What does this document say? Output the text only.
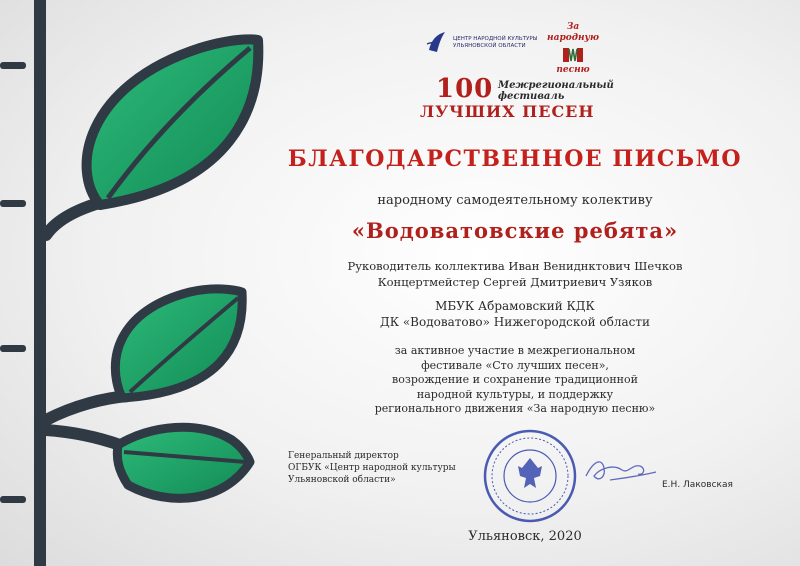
ЦЕНТР НАРОДНОЙ КУЛЬТУРЫ УЛЬЯНОВСКОЙ ОБЛАСТИ
За народную
песню
100 Межрегиональный
фестиваль
ЛУЧШИХ ПЕСЕН
БЛАГОДАРСТВЕННОЕ ПИСЬМО
народному самодеятельному колективу
«Водоватовские ребята»
Руководитель коллектива Иван Вениднктович Шечков
Концертмейстер Сергей Дмитриевич Узяков
МБУК Абрамовский КДК
ДК «Водоватово» Нижегородской области
за активное участие в межрегиональном
фестивале «Сто лучших песен»,
возрождение и сохранение традиционной
народной культуры, и поддержку
регионального движения «За народную песню»
Генеральный директор
ОГБУК «Центр народной культуры
Ульяновской области»	Е.Н. Лаковская
Ульяновск, 2020
